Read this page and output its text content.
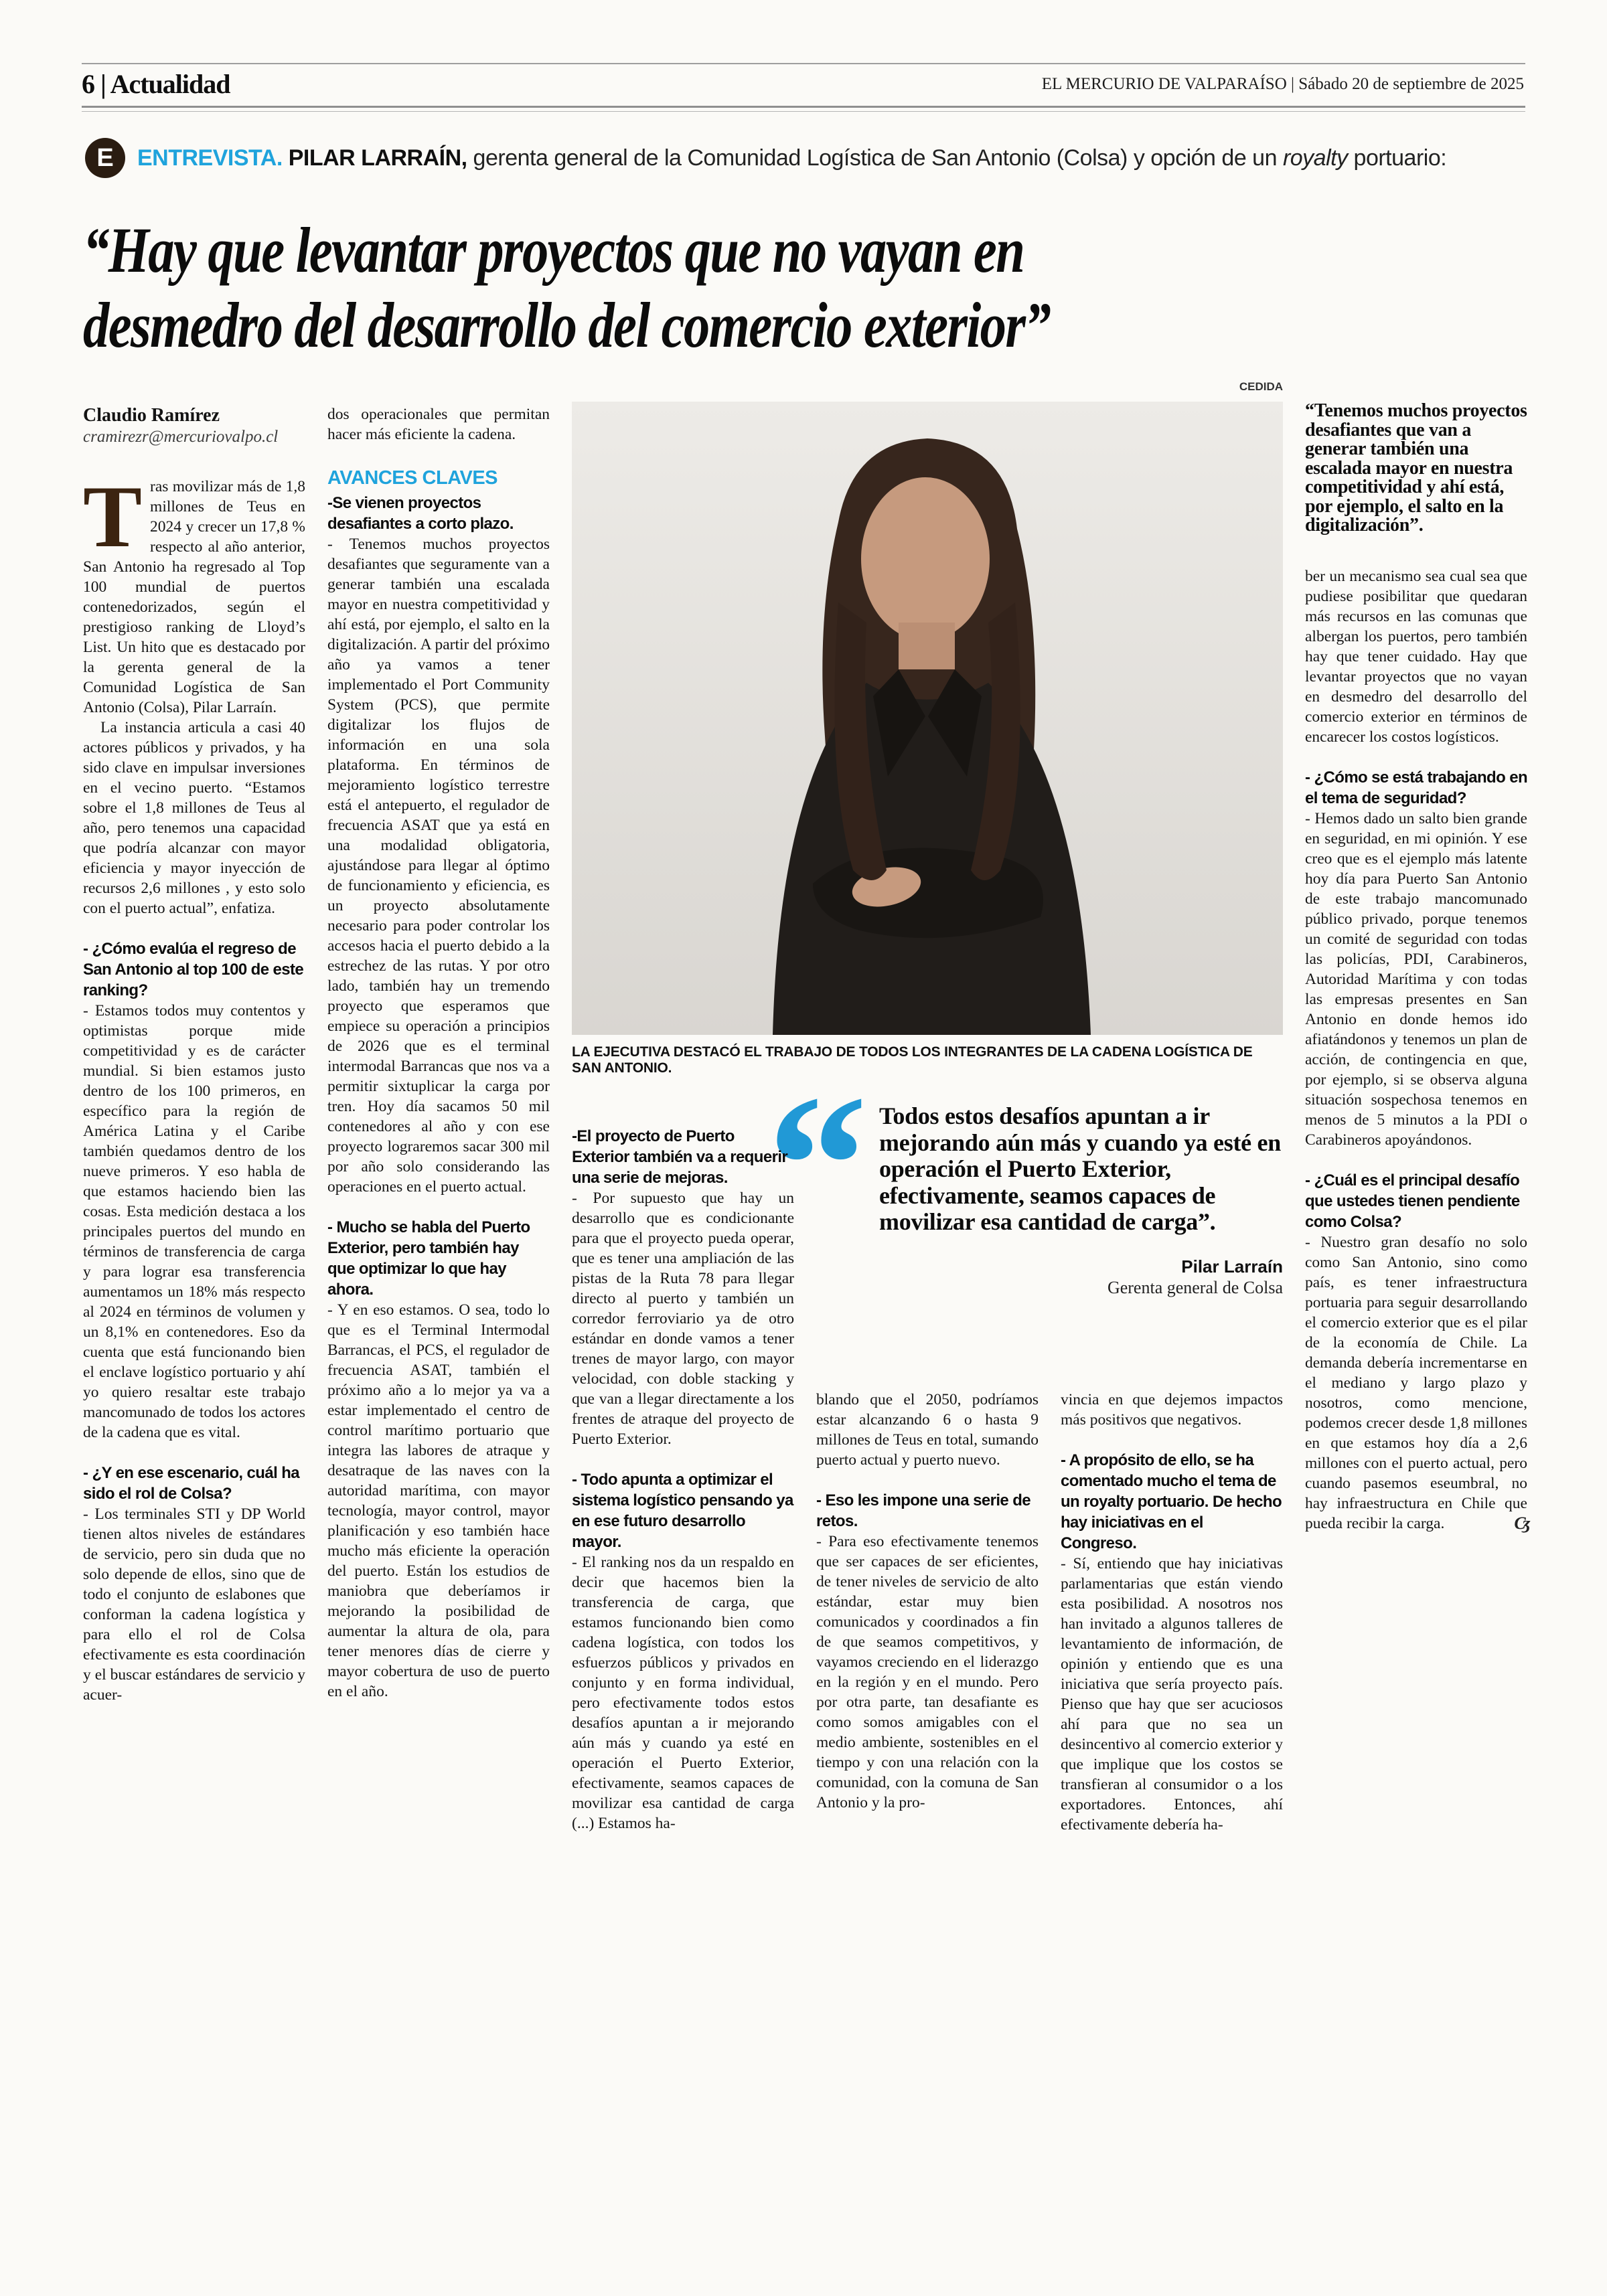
6 | Actualidad	EL MERCURIO DE VALPARAÍSO | Sábado 20 de septiembre de 2025
E ENTREVISTA. PILAR LARRAÍN, gerenta general de la Comunidad Logística de San Antonio (Colsa) y opción de un royalty portuario:
“Hay que levantar proyectos que no vayan en
desmedro del desarrollo del comercio exterior”
CEDIDA
LA EJECUTIVA DESTACÓ EL TRABAJO DE TODOS LOS INTEGRANTES DE LA CADENA LOGÍSTICA DE SAN ANTONIO. “ Todos estos desafíos apuntan a ir mejorando aún más y cuando ya esté en operación el Puerto Exterior, efectivamente, seamos capaces de movilizar esa cantidad de carga”.
Pilar Larraín
Gerenta general de Colsa
Claudio Ramírez
cramirezr@mercuriovalpo.cl
Tras movilizar más de 1,8 millones de Teus en 2024 y crecer un 17,8 % respecto al año anterior, San Antonio ha regresado al Top 100 mundial de puertos contenedorizados, según el prestigioso ranking de Lloyd’s List. Un hito que es destacado por la gerenta general de la Comunidad Logística de San Antonio (Colsa), Pilar Larraín.
La instancia articula a casi 40 actores públicos y privados, y ha sido clave en impulsar inversiones en el vecino puerto. “Estamos sobre el 1,8 millones de Teus al año, pero tenemos una capacidad que podría alcanzar con mayor eficiencia y mayor inyección de recursos 2,6 millones , y esto solo con el puerto actual”, enfatiza.
- ¿Cómo evalúa el regreso de San Antonio al top 100 de este ranking?
- Estamos todos muy contentos y optimistas porque mide competitividad y es de carácter mundial. Si bien estamos justo dentro de los 100 primeros, en específico para la región de América Latina y el Caribe también quedamos dentro de los nueve primeros. Y eso habla de que estamos haciendo bien las cosas. Esta medición destaca a los principales puertos del mundo en términos de transferencia de carga y para lograr esa transferencia aumentamos un 18% más respecto al 2024 en términos de volumen y un 8,1% en contenedores. Eso da cuenta que está funcionando bien el enclave logístico portuario y ahí yo quiero resaltar este trabajo mancomunado de todos los actores de la cadena que es vital.
- ¿Y en ese escenario, cuál ha sido el rol de Colsa?
- Los terminales STI y DP World tienen altos niveles de estándares de servicio, pero sin duda que no solo depende de ellos, sino que de todo el conjunto de eslabones que conforman la cadena logística y para ello el rol de Colsa efectivamente es esta coordinación y el buscar estándares de servicio y acuer-
dos operacionales que permitan hacer más eficiente la cadena.
AVANCES CLAVES
-Se vienen proyectos desafiantes a corto plazo.
- Tenemos muchos proyectos desafiantes que seguramente van a generar también una escalada mayor en nuestra competitividad y ahí está, por ejemplo, el salto en la digitalización. A partir del próximo año ya vamos a tener implementado el Port Community System (PCS), que permite digitalizar los flujos de información en una sola plataforma. En términos de mejoramiento logístico terrestre está el antepuerto, el regulador de frecuencia ASAT que ya está en una modalidad obligatoria, ajustándose para llegar al óptimo de funcionamiento y eficiencia, es un proyecto absolutamente necesario para poder controlar los accesos hacia el puerto debido a la estrechez de las rutas. Y por otro lado, también hay un tremendo proyecto que esperamos que empiece su operación a principios de 2026 que es el terminal intermodal Barrancas que nos va a permitir sixtuplicar la carga por tren. Hoy día sacamos 50 mil contenedores al año y con ese proyecto lograremos sacar 300 mil por año solo considerando las operaciones en el puerto actual.
- Mucho se habla del Puerto Exterior, pero también hay que optimizar lo que hay ahora.
- Y en eso estamos. O sea, todo lo que es el Terminal Intermodal Barrancas, el PCS, el regulador de frecuencia ASAT, también el próximo año a lo mejor ya va a estar implementado el centro de control marítimo portuario que integra las labores de atraque y desatraque de las naves con la autoridad marítima, con mayor tecnología, mayor control, mayor planificación y eso también hace mucho más eficiente la operación del puerto. Están los estudios de maniobra que deberíamos ir mejorando la posibilidad de aumentar la altura de ola, para tener menores días de cierre y mayor cobertura de uso de puerto en el año.
-El proyecto de Puerto Exterior también va a requerir una serie de mejoras.
- Por supuesto que hay un desarrollo que es condicionante para que el proyecto pueda operar, que es tener una ampliación de las pistas de la Ruta 78 para llegar directo al puerto y también un corredor ferroviario ya de otro estándar en donde vamos a tener trenes de mayor largo, con mayor velocidad, con doble stacking y que van a llegar directamente a los frentes de atraque del proyecto de Puerto Exterior.
- Todo apunta a optimizar el sistema logístico pensando ya en ese futuro desarrollo mayor.
- El ranking nos da un respaldo en decir que hacemos bien la transferencia de carga, que estamos funcionando bien como cadena logística, con todos los esfuerzos públicos y privados en conjunto y en forma individual, pero efectivamente todos estos desafíos apuntan a ir mejorando aún más y cuando ya esté en operación el Puerto Exterior, efectivamente, seamos capaces de movilizar esa cantidad de carga (...) Estamos ha-
blando que el 2050, podríamos estar alcanzando 6 o hasta 9 millones de Teus en total, sumando puerto actual y puerto nuevo.
- Eso les impone una serie de retos.
- Para eso efectivamente tenemos que ser capaces de ser eficientes, de tener niveles de servicio de alto estándar, estar muy bien comunicados y coordinados a fin de que seamos competitivos, y vayamos creciendo en el liderazgo en la región y en el mundo. Pero por otra parte, tan desafiante es como somos amigables con el medio ambiente, sostenibles en el tiempo y con una relación con la comunidad, con la comuna de San Antonio y la pro-
vincia en que dejemos impactos más positivos que negativos.
- A propósito de ello, se ha comentado mucho el tema de un royalty portuario. De hecho hay iniciativas en el Congreso.
- Sí, entiendo que hay iniciativas parlamentarias que están viendo esta posibilidad. A nosotros nos han invitado a algunos talleres de levantamiento de información, de opinión y entiendo que es una iniciativa que sería proyecto país. Pienso que hay que ser acuciosos ahí para que no sea un desincentivo al comercio exterior y que implique que los costos se transfieran al consumidor o a los exportadores. Entonces, ahí efectivamente debería ha-
“Tenemos muchos proyectos desafiantes que van a generar también una escalada mayor en nuestra competitividad y ahí está, por ejemplo, el salto en la digitalización”.
ber un mecanismo sea cual sea que pudiese posibilitar que quedaran más recursos en las comunas que albergan los puertos, pero también hay que tener cuidado. Hay que levantar proyectos que no vayan en desmedro del desarrollo del comercio exterior en términos de encarecer los costos logísticos.
- ¿Cómo se está trabajando en el tema de seguridad?
- Hemos dado un salto bien grande en seguridad, en mi opinión. Y ese creo que es el ejemplo más latente hoy día para Puerto San Antonio de este trabajo mancomunado público privado, porque tenemos un comité de seguridad con todas las policías, PDI, Carabineros, Autoridad Marítima y con todas las empresas presentes en San Antonio en donde hemos ido afiatándonos y tenemos un plan de acción, de contingencia en que, por ejemplo, si se observa alguna situación sospechosa tenemos en menos de 5 minutos a la PDI o Carabineros apoyándonos.
- ¿Cuál es el principal desafío que ustedes tienen pendiente como Colsa?
- Nuestro gran desafío no solo como San Antonio, sino como país, es tener infraestructura portuaria para seguir desarrollando el comercio exterior que es el pilar de la economía de Chile. La demanda debería incrementarse en el mediano y largo plazo y nosotros, como mencione, podemos crecer desde 1,8 millones en que estamos hoy día a 2,6 millones con el puerto actual, pero cuando pasemos eseumbral, no hay infraestructura en Chile que pueda recibir la carga.	Cʒ
